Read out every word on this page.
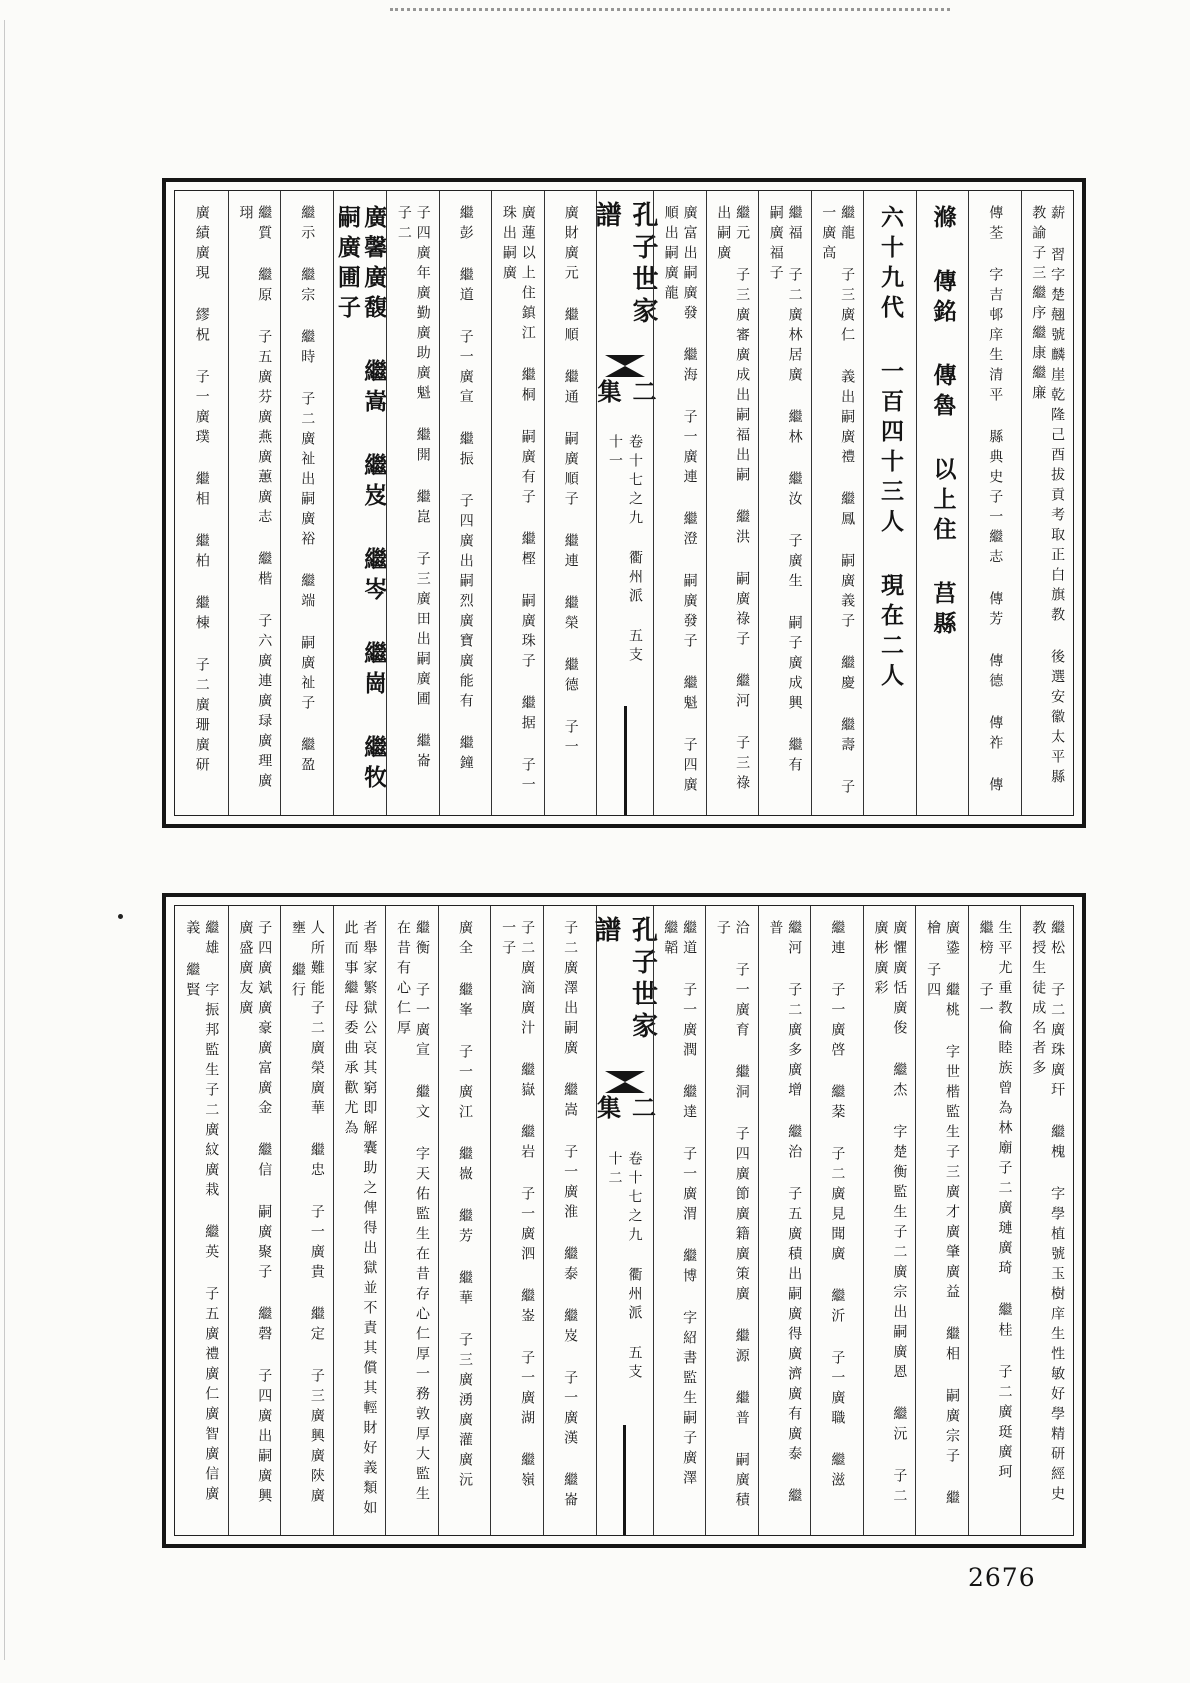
薪 習字楚翹號麟崖乾隆己酉拔貢考取正白旗教 後選安徽太平縣教諭子三繼序繼康繼廉
傳荃 字吉邨庠生清平 縣典史子一繼志 傳芳 傳德 傳祚 傳
滌 傳銘 傳魯 以上住 莒縣
六十九代 一百四十三人 現在二人
繼龍 子三廣仁 義出嗣廣禮 繼鳳 嗣廣義子 繼慶 繼壽 子一廣高
繼福 子二廣林居廣 繼林 繼汝 子廣生 嗣子廣成興 繼有 嗣廣福子
繼元 子三廣審廣成出嗣福出嗣 繼洪 嗣廣祿子 繼河 子三祿出嗣廣
廣富出嗣廣發 繼海 子一廣連 繼澄 嗣廣發子 繼魁 子四廣順出嗣廣龍
孔子世家譜
二集
卷十七之九 衢州派 五支 十一
廣財廣元 繼順 繼通 嗣廣順子 繼連 繼榮 繼德 子一
廣蓮以上住鎮江 繼桐 嗣廣有子 繼樫 嗣廣珠子 繼据 子一珠出嗣廣
繼彭 繼道 子一廣宣 繼振 子四廣出嗣烈廣寶廣能有 繼鐘
子四廣年廣勤廣助廣魁 繼開 繼崑 子三廣田出嗣廣圃 繼崙 子二
廣馨廣馥 繼嵩 繼岌 繼岑 繼崗 繼牧 嗣廣圃子
繼示 繼宗 繼時 子二廣祉出嗣廣裕 繼端 嗣廣祉子 繼盈
繼質 繼原 子五廣芬廣燕廣蕙廣志 繼楷 子六廣連廣琭廣理廣珝
廣績廣現 繆柷 子一廣璞 繼相 繼柏 繼棟 子二廣珊廣研
繼松 子二廣珠廣玕 繼槐 字學植號玉樹庠生性敏好學精研經史教授生徒成名者多
生平尤重教倫睦族曾為林廟子二廣璉廣琦 繼桂 子二廣珽廣珂 繼榜 子一
廣鍌 繼桃 字世楷監生子三廣才廣肇廣益 繼相 嗣廣宗子 繼檜 子四
廣懼廣恬廣俊 繼杰 字楚衡監生子二廣宗出嗣廣恩 繼沅 子二廣彬廣彩
繼連 子一廣啓 繼棻 子二廣見聞廣 繼沂 子一廣職 繼滋
繼河 子二廣多廣增 繼治 子五廣積出嗣廣得廣濟廣有廣泰 繼普
洽 子一廣育 繼洞 子四廣節廣籍廣策廣 繼源 繼普 嗣廣積子
繼道 子一廣潤 繼達 子一廣渭 繼博 字紹書監生嗣子廣澤 繼韜
孔子世家譜
二集
卷十七之九 衢州派 五支 十二
子二廣澤出嗣廣 繼嵩 子一廣淮 繼泰 繼岌 子一廣漢 繼崙
子二廣滴廣汁 繼嶽 繼岩 子一廣泗 繼崟 子一廣湖 繼嶺 一子
廣全 繼峯 子一廣江 繼嶶 繼芳 繼華 子三廣湧廣灌廣沅
繼衡 子一廣宣 繼文 字天佑監生在昔存心仁厚一務敦厚大監生在昔有心仁厚
者舉家繁獄公哀其窮即解囊助之俾得出獄並不責其償其輕財好義類如此而事繼母委曲承歡尤為
人所難能子二廣榮廣華 繼忠 子一廣貴 繼定 子三廣興廣陝廣壅 繼行
子四廣斌廣豪廣富廣金 繼信 嗣廣聚子 繼磬 子四廣出嗣廣興廣盛廣友廣
繼雄 字振邦監生子二廣紋廣栽 繼英 子五廣禮廣仁廣智廣信廣義 繼賢
2676
